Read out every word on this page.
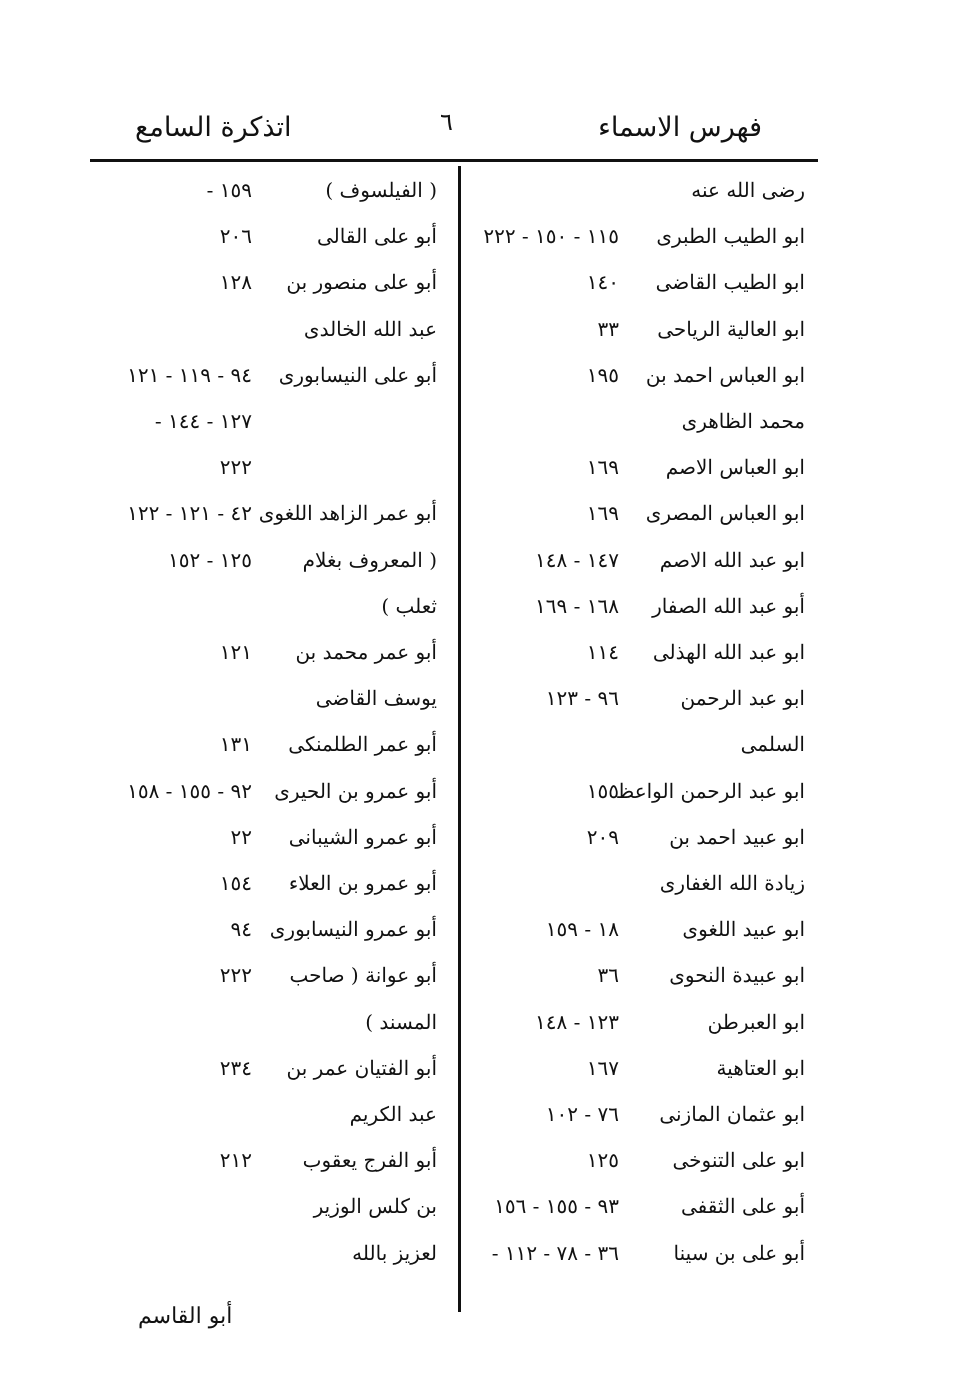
فهرس الاسماء
٦
اتذكرة السامع
رضى الله عنه
ابو الطيب الطبرى
١١٥ - ١٥٠ - ٢٢٢
ابو الطيب القاضى
١٤٠
ابو العالية الرياحى
٣٣
ابو العباس احمد بن
١٩٥
محمد الظاهرى
ابو العباس الاصم
١٦٩
ابو العباس المصرى
١٦٩
ابو عبد الله الاصم
١٤٧ - ١٤٨
أبو عبد الله الصفار
١٦٨ - ١٦٩
ابو عبد الله الهذلى
١١٤
ابو عبد الرحمن
٩٦ - ١٢٣
السلمى
ابو عبد الرحمن الواعظ
١٥٥
ابو عبيد احمد بن
٢٠٩
زيادة الله الغفارى
ابو عبيد اللغوى
١٨ - ١٥٩
ابو عبيدة النحوى
٣٦
ابو العبرطن
١٢٣ - ١٤٨
ابو العتاهية
١٦٧
ابو عثمان المازنى
٧٦ - ١٠٢
ابو على التنوخى
١٢٥
أبو على الثقفى
٩٣ - ١٥٥ - ١٥٦
أبو على بن سينا
٣٦ - ٧٨ - ١١٢ -
( الفيلسوف )
١٥٩ -
أبو على القالى
٢٠٦
أبو على منصور بن
١٢٨
عبد الله الخالدى
أبو على النيسابورى
٩٤ - ١١٩ - ١٢١
١٢٧ - ١٤٤ -
٢٢٢
أبو عمر الزاهد اللغوى
٤٢ - ١٢١ - ١٢٢
( المعروف بغلام
١٢٥ - ١٥٢
ثعلب )
أبو عمر محمد بن
١٢١
يوسف القاضى
أبو عمر الطلمنكى
١٣١
أبو عمرو بن الحيرى
٩٢ - ١٥٥ - ١٥٨
أبو عمرو الشيبانى
٢٢
أبو عمرو بن العلاء
١٥٤
أبو عمرو النيسابورى
٩٤
أبو عوانة ( صاحب
٢٢٢
المسند )
أبو الفتيان عمر بن
٢٣٤
عبد الكريم
أبو الفرج يعقوب
٢١٢
بن كلس الوزير
لعزيز بالله
أبو القاسم
